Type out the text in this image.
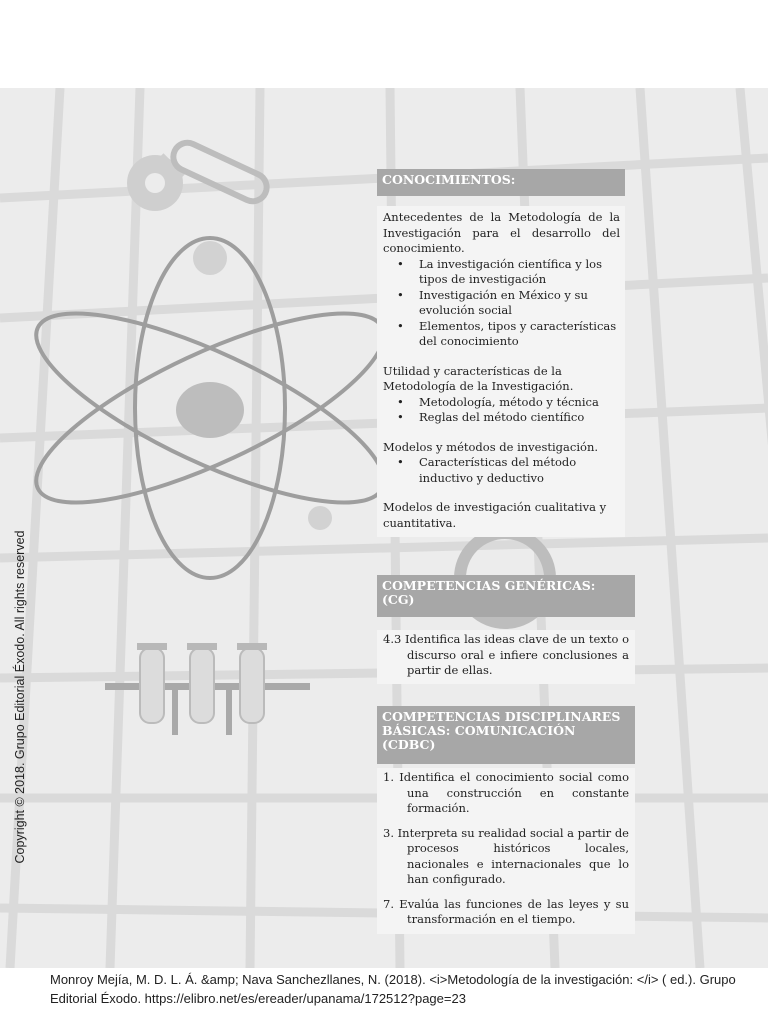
CONOCIMIENTOS:

Antecedentes de la Metodología de la Investigación para el desarrollo del conocimiento.

• La investigación científica y los tipos de investigación
• Investigación en México y su evolución social
• Elementos, tipos y características del conocimiento

Utilidad y características de la Metodología de la Investigación.

• Metodología, método y técnica
• Reglas del método científico

Modelos y métodos de investigación.

• Características del método inductivo y deductivo

Modelos de investigación cualitativa y cuantitativa.

COMPETENCIAS GENÉRICAS: (CG)

4.3 Identifica las ideas clave de un texto o discurso oral e infiere conclusiones a partir de ellas.

COMPETENCIAS DISCIPLINARES BÁSICAS: COMUNICACIÓN (CDBC)

1. Identifica el conocimiento social como una construcción en constante formación.

3. Interpreta su realidad social a partir de procesos históricos locales, nacionales e internacionales que lo han configurado.

7. Evalúa las funciones de las leyes y su transformación en el tiempo.

Copyright © 2018. Grupo Editorial Éxodo. All rights reserved
Monroy Mejía, M. D. L. Á. &amp; Nava Sanchezllanes, N. (2018). <i>Metodología de la investigación: </i> ( ed.). Grupo Editorial Éxodo. https://elibro.net/es/ereader/upanama/172512?page=23
